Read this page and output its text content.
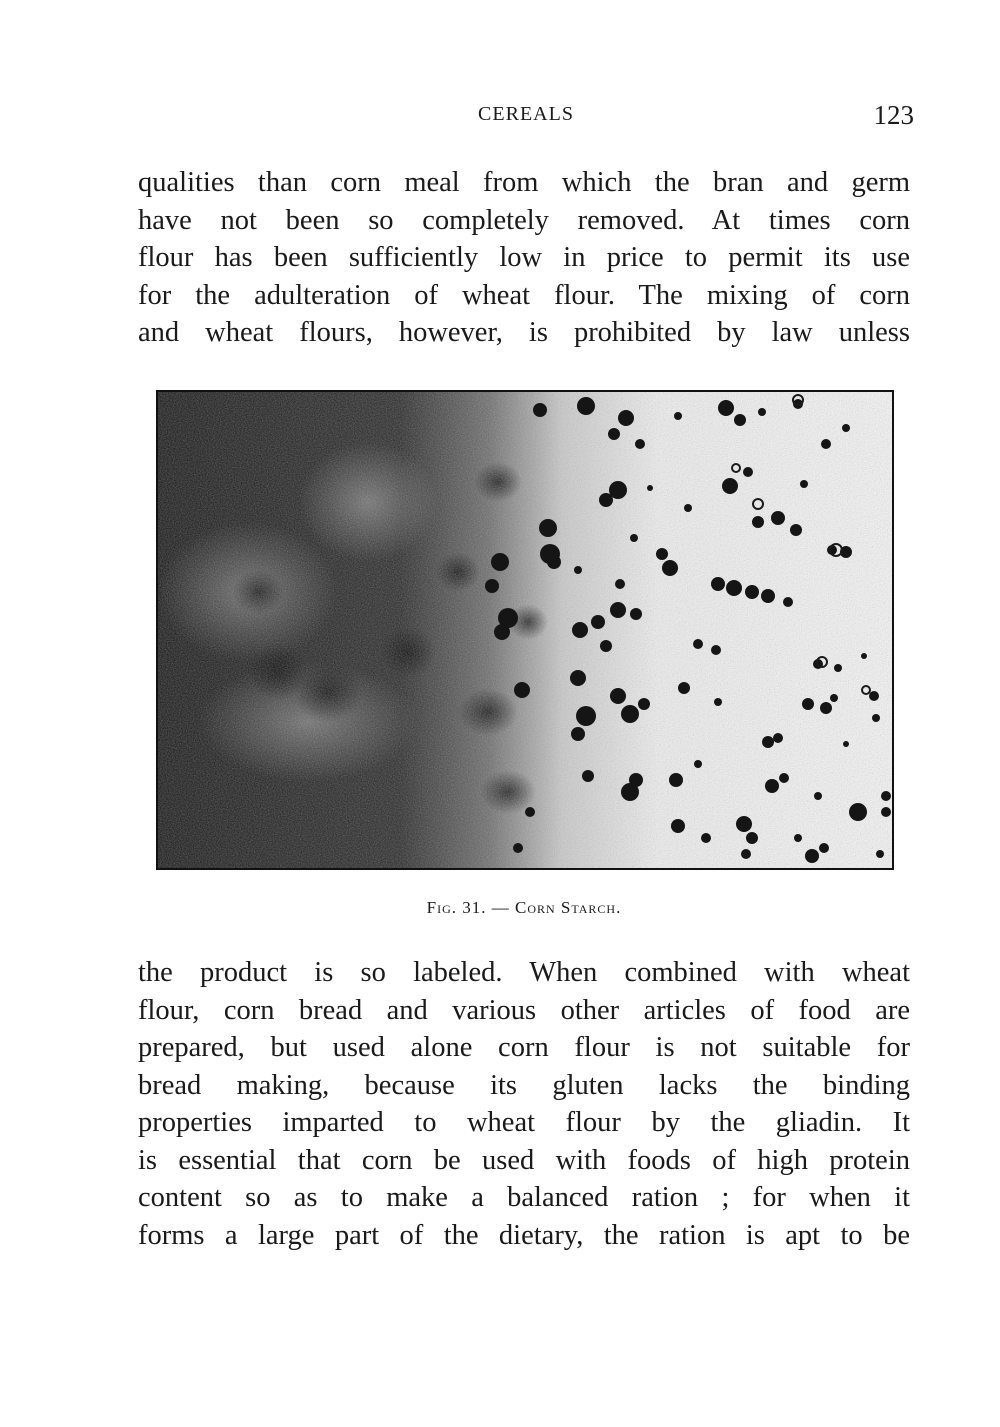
CEREALS	123
qualities than corn meal from which the bran and germ
have not been so completely removed. At times corn
flour has been sufficiently low in price to permit its use
for the adulteration of wheat flour. The mixing of corn
and wheat flours, however, is prohibited by law unless
Fig. 31. — Corn Starch.
the product is so labeled. When combined with wheat
flour, corn bread and various other articles of food are
prepared, but used alone corn flour is not suitable for
bread making, because its gluten lacks the binding
properties imparted to wheat flour by the gliadin. It
is essential that corn be used with foods of high protein
content so as to make a balanced ration ; for when it
forms a large part of the dietary, the ration is apt to be
